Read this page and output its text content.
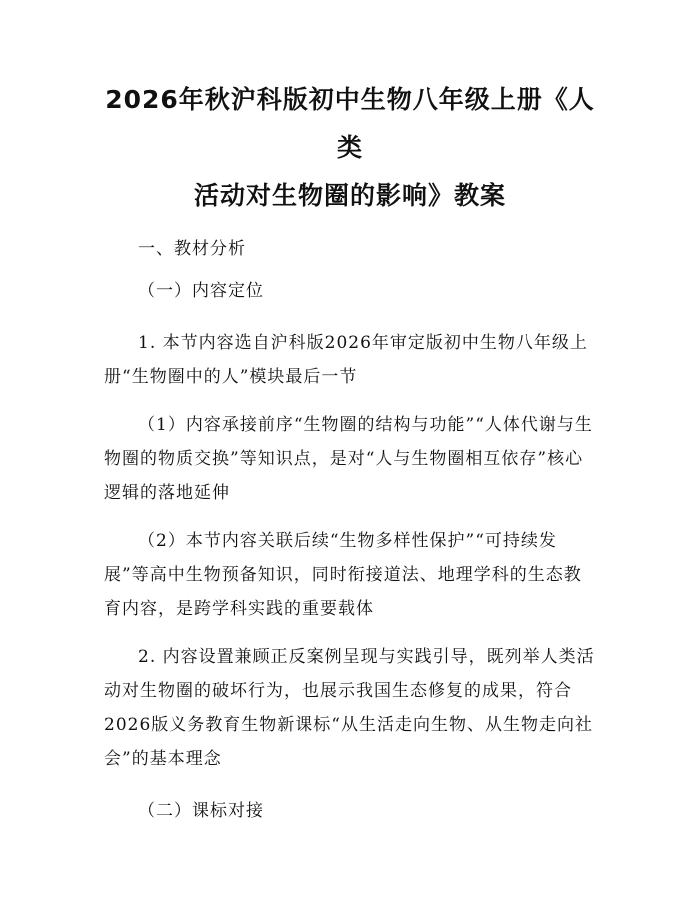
2026年秋沪科版初中生物八年级上册《人类
活动对生物圈的影响》教案

一、教材分析

（一）内容定位

1. 本节内容选自沪科版2026年审定版初中生物八年级上册“生物圈中的人”模块最后一节

（1）内容承接前序“生物圈的结构与功能”“人体代谢与生物圈的物质交换”等知识点，是对“人与生物圈相互依存”核心逻辑的落地延伸

（2）本节内容关联后续“生物多样性保护”“可持续发展”等高中生物预备知识，同时衔接道法、地理学科的生态教育内容，是跨学科实践的重要载体

2. 内容设置兼顾正反案例呈现与实践引导，既列举人类活动对生物圈的破坏行为，也展示我国生态修复的成果，符合2026版义务教育生物新课标“从生活走向生物、从生物走向社会”的基本理念

（二）课标对接
